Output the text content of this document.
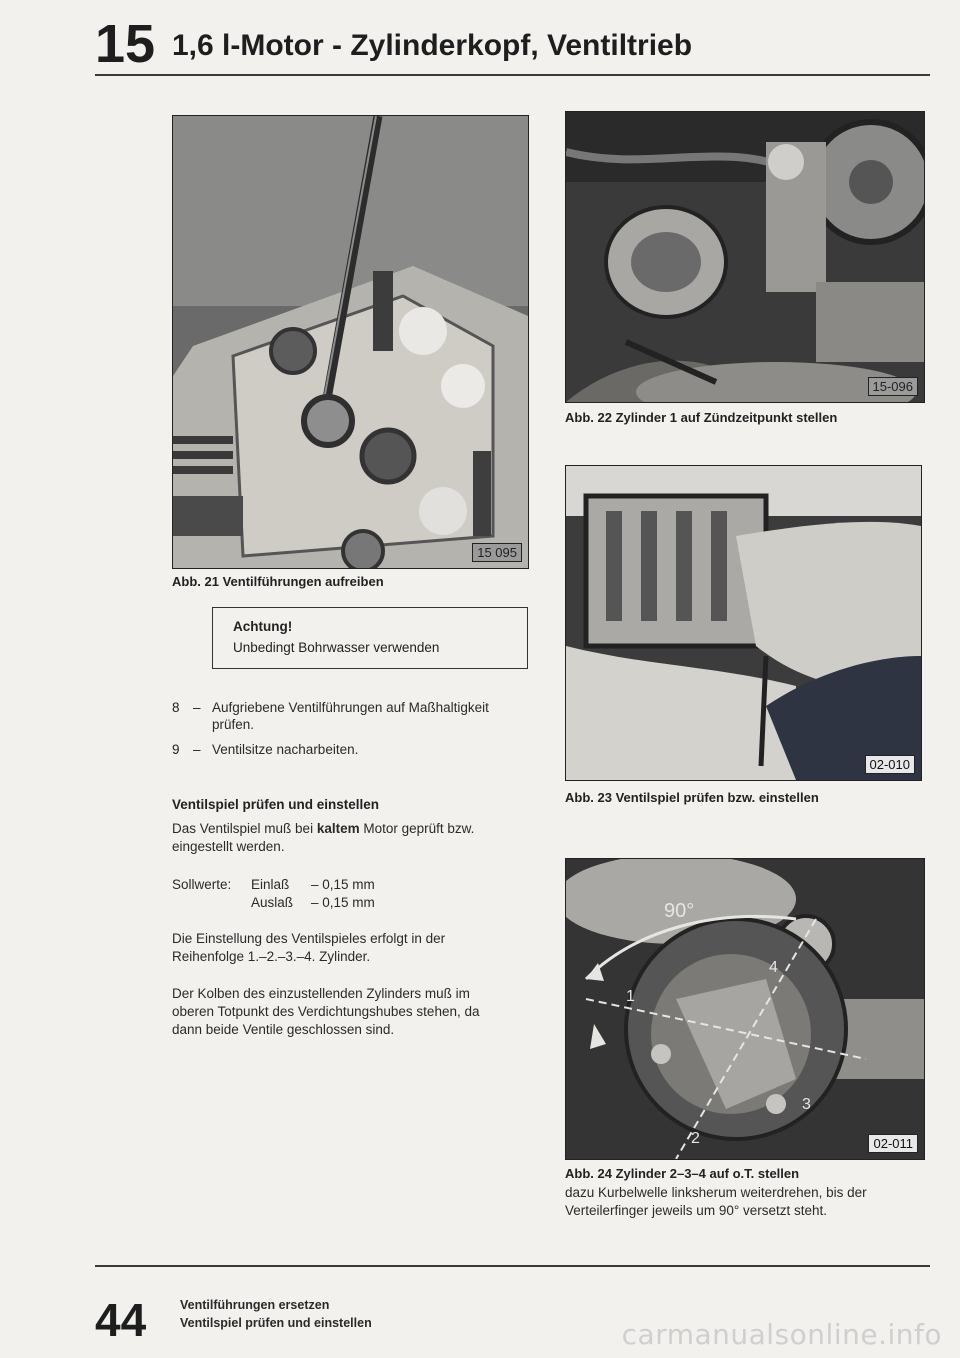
15 1,6 l-Motor - Zylinderkopf, Ventiltrieb
15 095
Abb. 21 Ventilführungen aufreiben
Achtung!
Unbedingt Bohrwasser verwenden
8 – Aufgriebene Ventilführungen auf Maßhaltigkeit
prüfen.
9 – Ventilsitze nacharbeiten.
Ventilspiel prüfen und einstellen
Das Ventilspiel muß bei kaltem Motor geprüft bzw.
eingestellt werden.
Sollwerte: Einlaß – 0,15 mm
Auslaß – 0,15 mm
Die Einstellung des Ventilspieles erfolgt in der
Reihenfolge 1.–2.–3.–4. Zylinder.
Der Kolben des einzustellenden Zylinders muß im
oberen Totpunkt des Verdichtungshubes stehen, da
dann beide Ventile geschlossen sind.
15-096
Abb. 22 Zylinder 1 auf Zündzeitpunkt stellen
02-010
Abb. 23 Ventilspiel prüfen bzw. einstellen
90°
1
2
3
4
02-011
Abb. 24 Zylinder 2–3–4 auf o.T. stellen
dazu Kurbelwelle linksherum weiterdrehen, bis der
Verteilerfinger jeweils um 90° versetzt steht.
44	Ventilführungen ersetzen
Ventilspiel prüfen und einstellen	carmanualsonline.info
